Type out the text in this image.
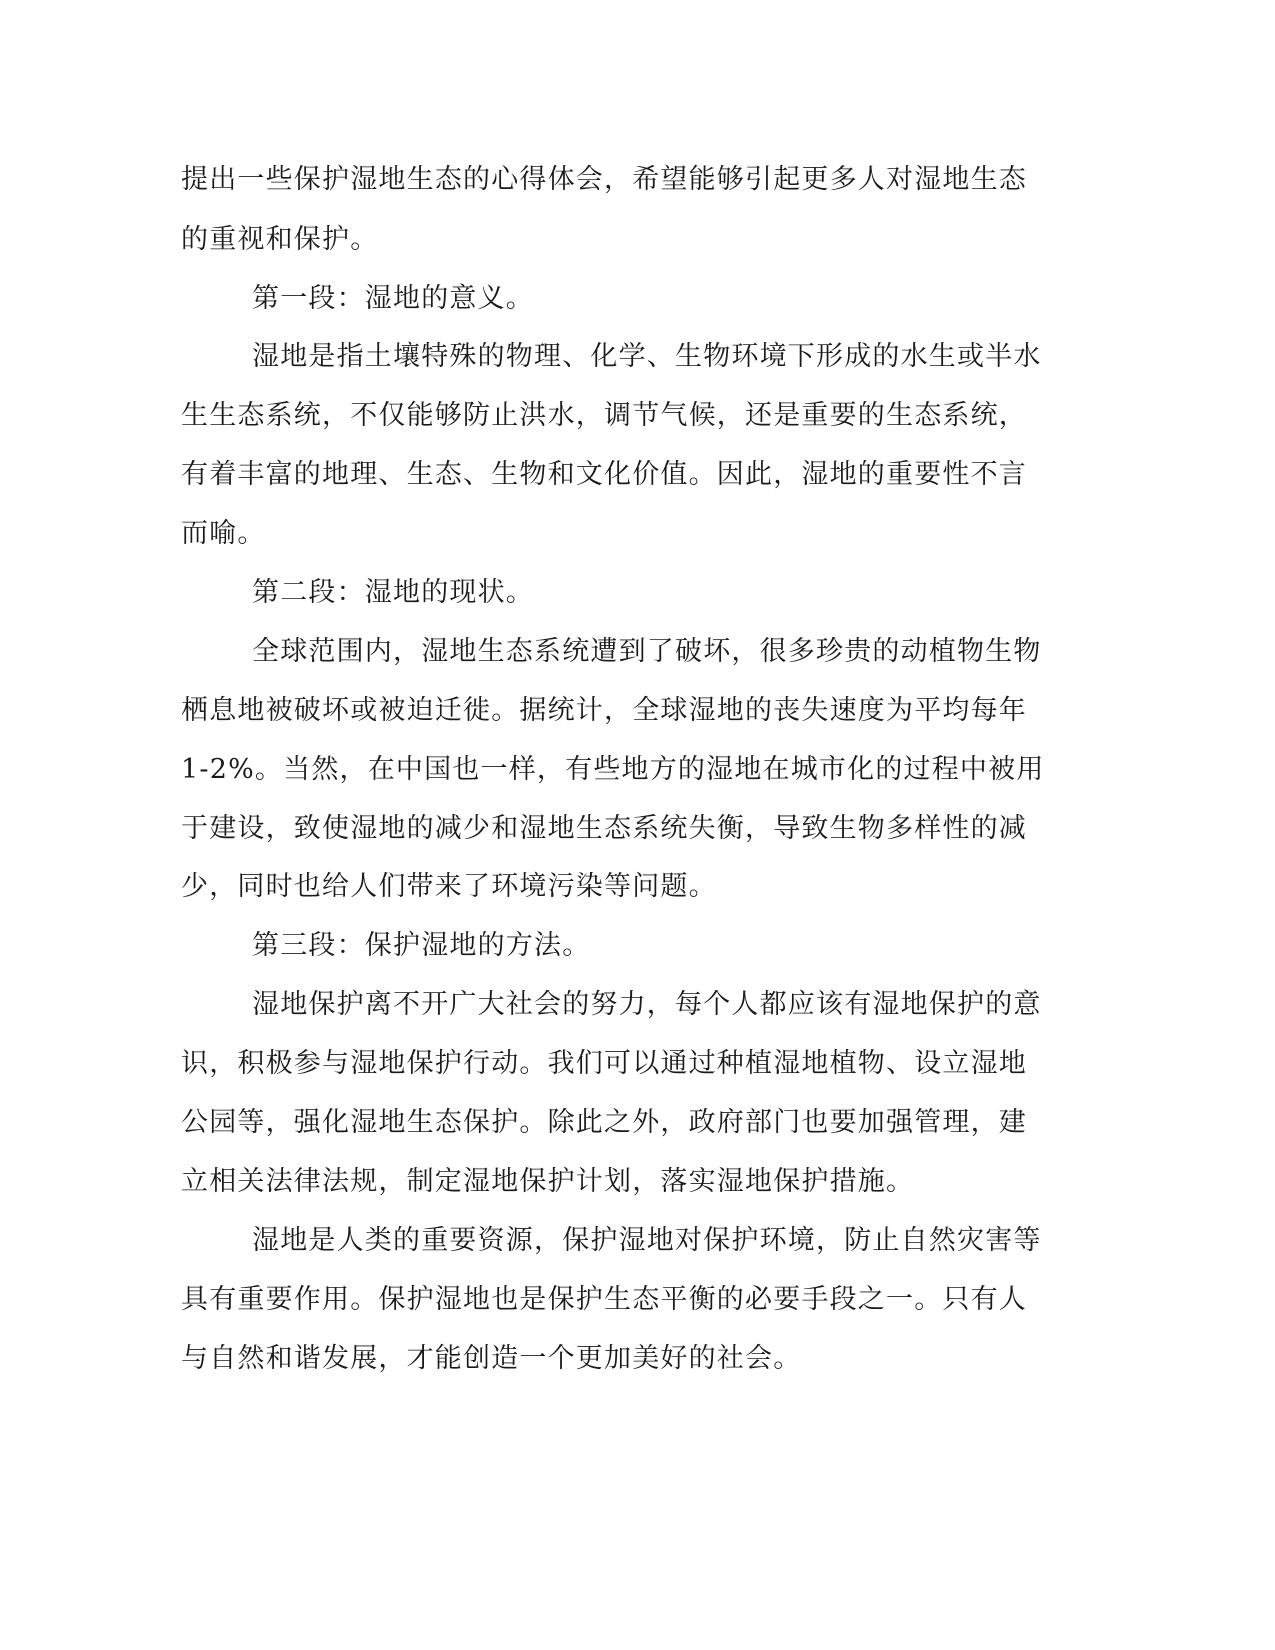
提出一些保护湿地生态的心得体会，希望能够引起更多人对湿地生态

的重视和保护。

第一段：湿地的意义。

湿地是指土壤特殊的物理、化学、生物环境下形成的水生或半水

生生态系统，不仅能够防止洪水，调节气候，还是重要的生态系统，

有着丰富的地理、生态、生物和文化价值。因此，湿地的重要性不言

而喻。

第二段：湿地的现状。

全球范围内，湿地生态系统遭到了破坏，很多珍贵的动植物生物

栖息地被破坏或被迫迁徙。据统计，全球湿地的丧失速度为平均每年

1-2%。当然，在中国也一样，有些地方的湿地在城市化的过程中被用

于建设，致使湿地的减少和湿地生态系统失衡，导致生物多样性的减

少，同时也给人们带来了环境污染等问题。

第三段：保护湿地的方法。

湿地保护离不开广大社会的努力，每个人都应该有湿地保护的意

识，积极参与湿地保护行动。我们可以通过种植湿地植物、设立湿地

公园等，强化湿地生态保护。除此之外，政府部门也要加强管理，建

立相关法律法规，制定湿地保护计划，落实湿地保护措施。

湿地是人类的重要资源，保护湿地对保护环境，防止自然灾害等

具有重要作用。保护湿地也是保护生态平衡的必要手段之一。只有人

与自然和谐发展，才能创造一个更加美好的社会。
